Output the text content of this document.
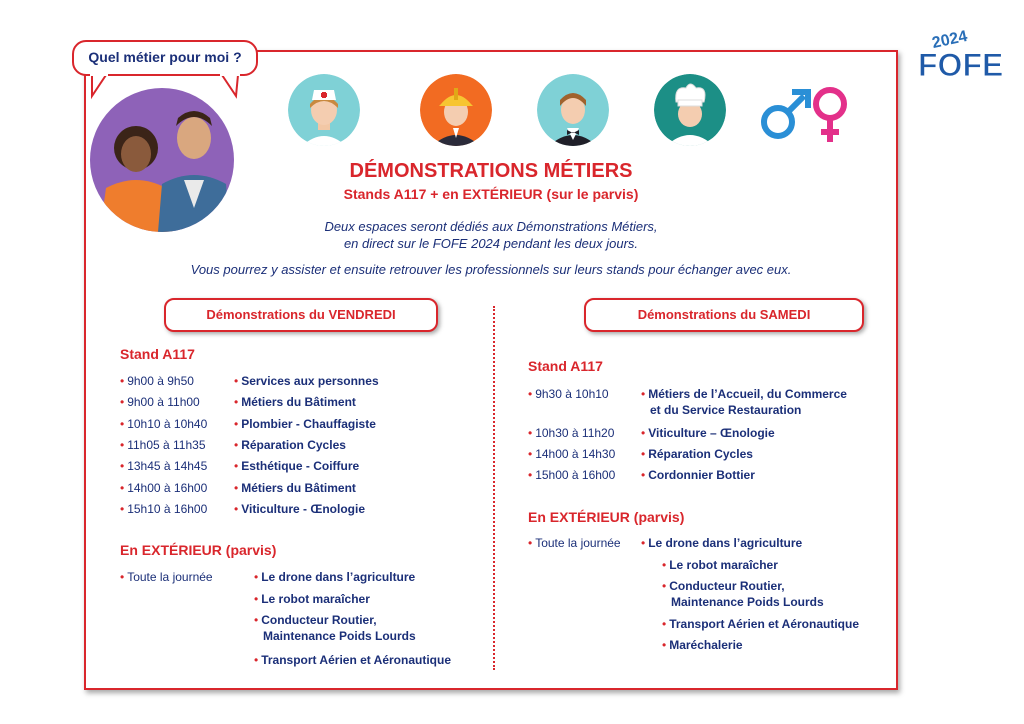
Quel métier pour moi ?
2024
FOFE
DÉMONSTRATIONS MÉTIERS
Stands A117 + en EXTÉRIEUR (sur le parvis)
Deux espaces seront dédiés aux Démonstrations Métiers,
en direct sur le FOFE 2024 pendant les deux jours.
Vous pourrez y assister et ensuite retrouver les professionnels sur leurs stands pour échanger avec eux.
Démonstrations du VENDREDI	Démonstrations du SAMEDI
Stand A117
• 9h00 à 9h50	• Services aux personnes
• 9h00 à 11h00	• Métiers du Bâtiment
• 10h10 à 10h40 • Plombier - Chauffagiste
• 11h05 à 11h35 • Réparation Cycles
• 13h45 à 14h45 • Esthétique - Coiffure
• 14h00 à 16h00 • Métiers du Bâtiment
• 15h10 à 16h00 • Viticulture - Œnologie
En EXTÉRIEUR (parvis)
• Toute la journée	• Le drone dans l’agriculture
• Le robot maraîcher
• Conducteur Routier,
Maintenance Poids Lourds
• Transport Aérien et Aéronautique
Stand A117
• 9h30 à 10h10	• Métiers de l’Accueil, du Commerce
et du Service Restauration
• 10h30 à 11h20 • Viticulture – Œnologie
• 14h00 à 14h30 • Réparation Cycles
• 15h00 à 16h00 • Cordonnier Bottier
En EXTÉRIEUR (parvis)
• Toute la journée • Le drone dans l’agriculture
• Le robot maraîcher
• Conducteur Routier,
Maintenance Poids Lourds
• Transport Aérien et Aéronautique
• Maréchalerie
